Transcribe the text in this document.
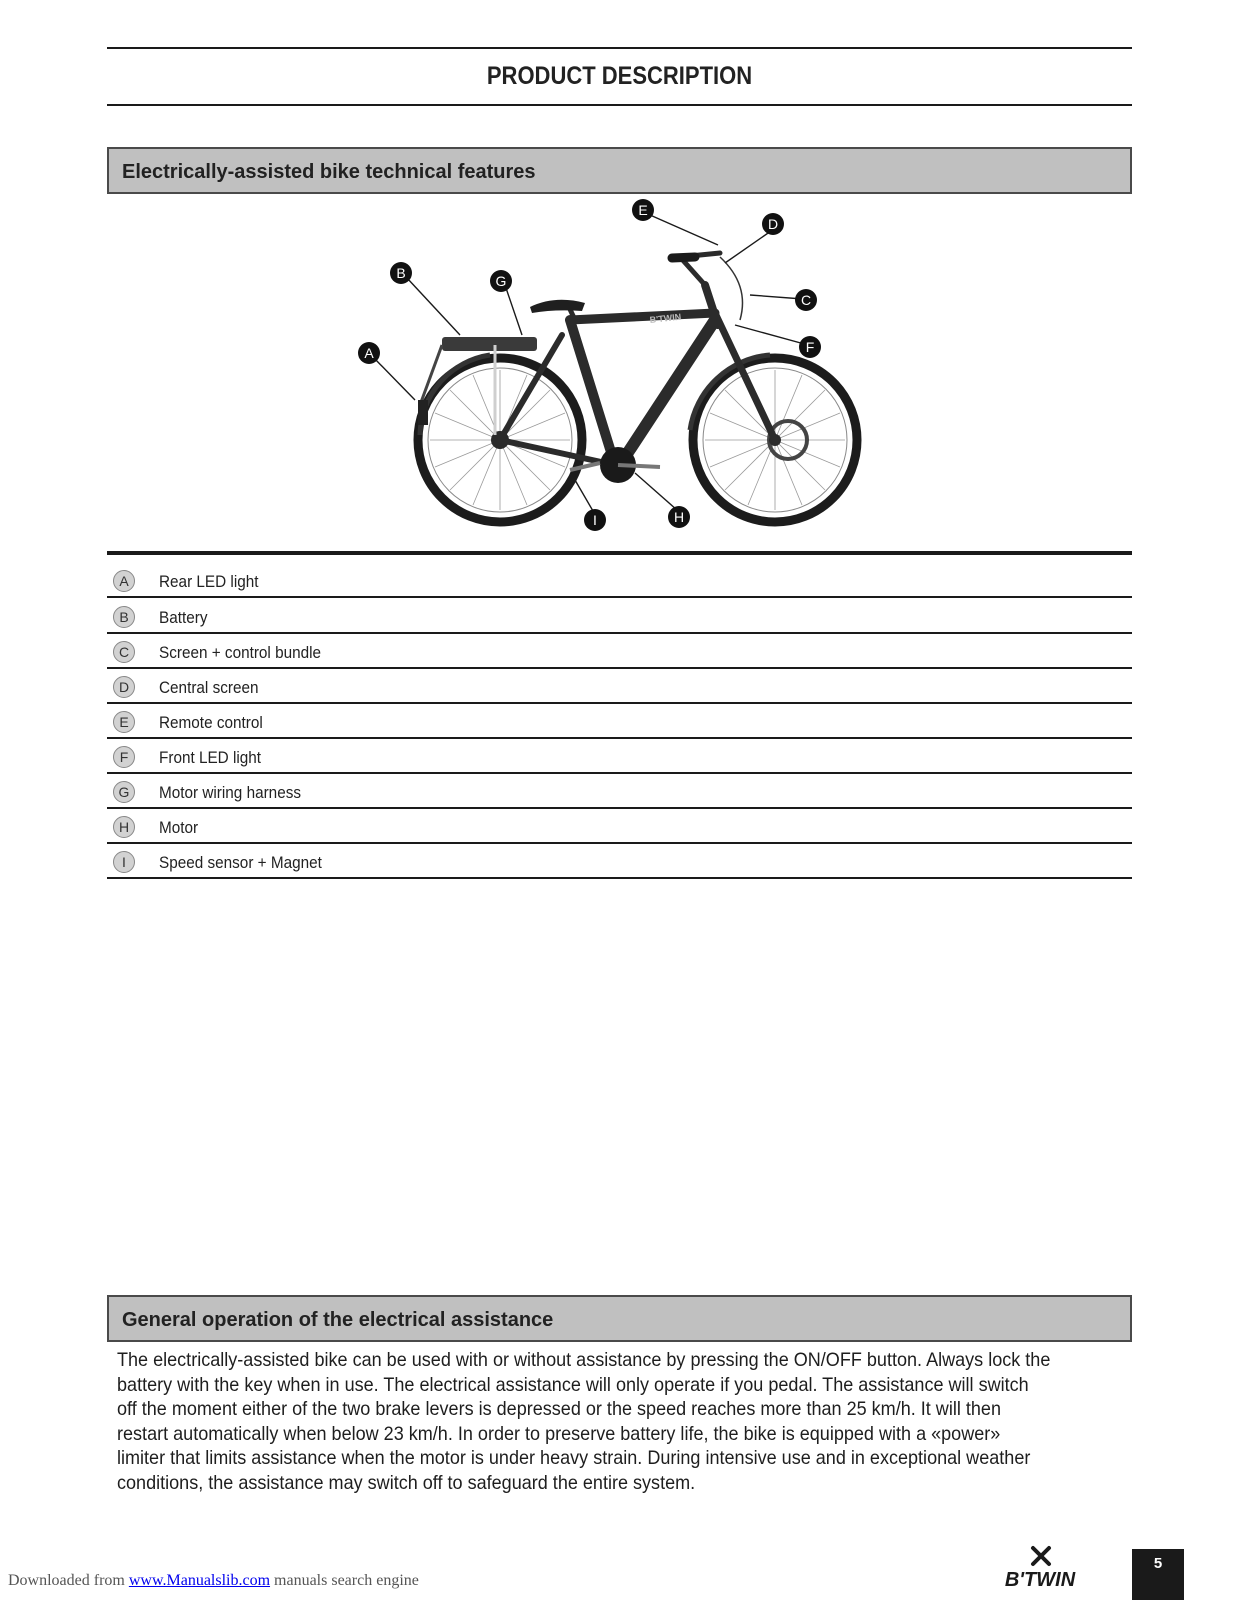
PRODUCT DESCRIPTION
Electrically-assisted bike technical features
B'TWIN
A
B
C
D
E
F
G
H
I
A	Rear LED light
B	Battery
C	Screen + control bundle
D	Central screen
E	Remote control
F	Front LED light
G	Motor wiring harness
H	Motor
I	Speed sensor + Magnet
General operation of the electrical assistance
The electrically-assisted bike can be used with or without assistance by pressing the ON/OFF button. Always lock the battery with the key when in use. The electrical assistance will only operate if you pedal. The assistance will switch off the moment either of the two brake levers is depressed or the speed reaches more than 25 km/h. It will then restart automatically when below 23 km/h. In order to preserve battery life, the bike is equipped with a «power» limiter that limits assistance when the motor is under heavy strain. During intensive use and in exceptional weather conditions, the assistance may switch off to safeguard the entire system.
Downloaded from www.Manualslib.com manuals search engine	B'TWIN
5
